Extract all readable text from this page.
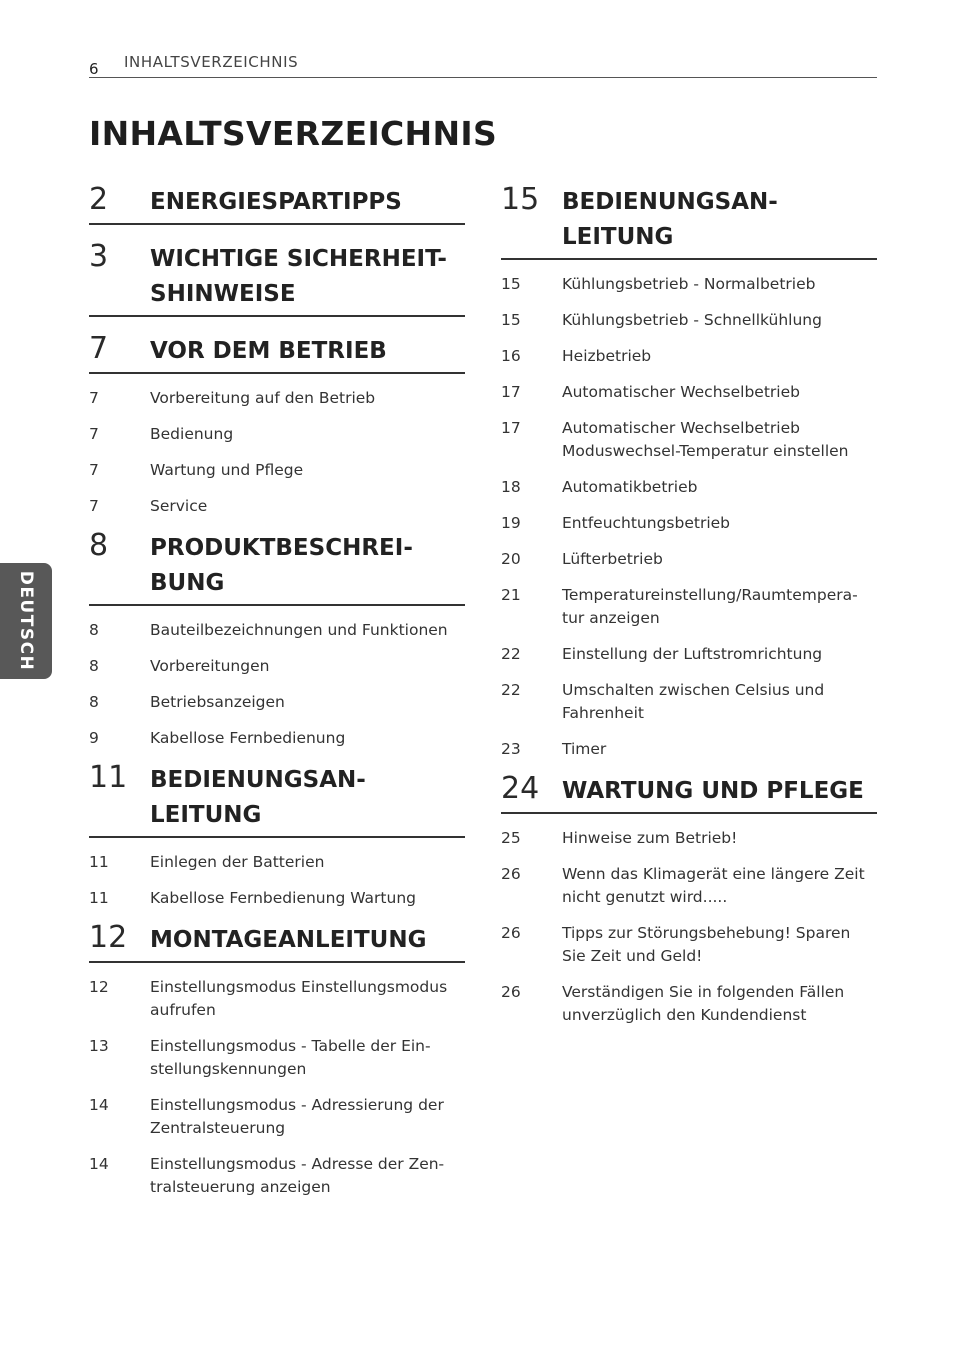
6 INHALTSVERZEICHNIS
INHALTSVERZEICHNIS
DEUTSCH
2	ENERGIESPARTIPPS
3	WICHTIGE SICHERHEIT-
SHINWEISE
7	VOR DEM BETRIEB
7	Vorbereitung auf den Betrieb
7	Bedienung
7	Wartung und Pflege
7	Service
8	PRODUKTBESCHREI-
BUNG
8	Bauteilbezeichnungen und Funktionen
8	Vorbereitungen
8	Betriebsanzeigen
9	Kabellose Fernbedienung
11 BEDIENUNGSAN-
LEITUNG
11	Einlegen der Batterien
11	Kabellose Fernbedienung Wartung
12 MONTAGEANLEITUNG
12	Einstellungsmodus Einstellungsmodus aufrufen
13	Einstellungsmodus - Tabelle der Ein-stellungskennungen
14	Einstellungsmodus - Adressierung der Zentralsteuerung
14	Einstellungsmodus - Adresse der Zen-tralsteuerung anzeigen
15 BEDIENUNGSAN-
LEITUNG
15	Kühlungsbetrieb - Normalbetrieb
15	Kühlungsbetrieb - Schnellkühlung
16	Heizbetrieb
17	Automatischer Wechselbetrieb
17	Automatischer Wechselbetrieb Moduswechsel-Temperatur einstellen
18	Automatikbetrieb
19	Entfeuchtungsbetrieb
20	Lüfterbetrieb
21	Temperatureinstellung/Raumtempera-tur anzeigen
22	Einstellung der Luftstromrichtung
22	Umschalten zwischen Celsius und Fahrenheit
23	Timer
24 WARTUNG UND PFLEGE
25	Hinweise zum Betrieb!
26	Wenn das Klimagerät eine längere Zeit nicht genutzt wird.....
26	Tipps zur Störungsbehebung! Sparen Sie Zeit und Geld!
26	Verständigen Sie in folgenden Fällen unverzüglich den Kundendienst
